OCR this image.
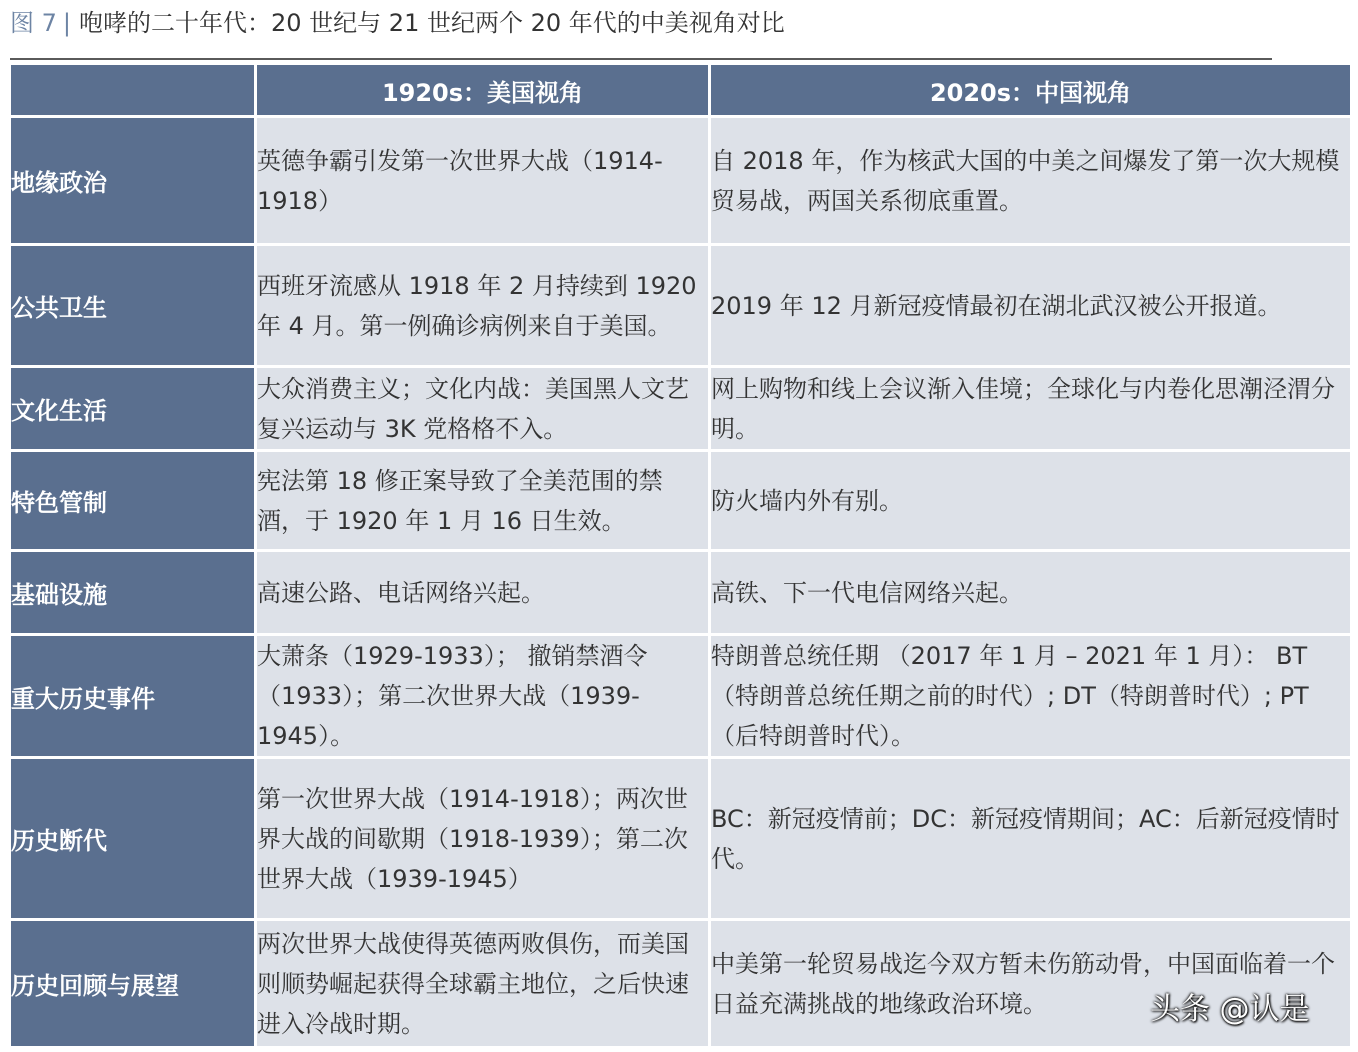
图 7 | 咆哮的二十年代：20 世纪与 21 世纪两个 20 年代的中美视角对比
	1920s：美国视角	2020s：中国视角
地缘政治	英德争霸引发第一次世界大战（1914-1918）	自 2018 年，作为核武大国的中美之间爆发了第一次大规模贸易战，两国关系彻底重置。
公共卫生	西班牙流感从 1918 年 2 月持续到 1920 年 4 月。第一例确诊病例来自于美国。	2019 年 12 月新冠疫情最初在湖北武汉被公开报道。
文化生活	大众消费主义；文化内战：美国黑人文艺复兴运动与 3K 党格格不入。	网上购物和线上会议渐入佳境；全球化与内卷化思潮泾渭分明。
特色管制	宪法第 18 修正案导致了全美范围的禁酒，于 1920 年 1 月 16 日生效。	防火墙内外有别。
基础设施	高速公路、电话网络兴起。	高铁、下一代电信网络兴起。
重大历史事件	大萧条（1929-1933）； 撤销禁酒令（1933）；第二次世界大战（1939-1945）。	特朗普总统任期 （2017 年 1 月 – 2021 年 1 月）： BT（特朗普总统任期之前的时代）; DT（特朗普时代）; PT（后特朗普时代）。
历史断代	第一次世界大战（1914-1918）；两次世界大战的间歇期（1918-1939）；第二次世界大战（1939-1945）	BC：新冠疫情前；DC：新冠疫情期间；AC：后新冠疫情时代。
历史回顾与展望	两次世界大战使得英德两败俱伤，而美国则顺势崛起获得全球霸主地位，之后快速进入冷战时期。	中美第一轮贸易战迄今双方暂未伤筋动骨，中国面临着一个日益充满挑战的地缘政治环境。	头条 @认是
